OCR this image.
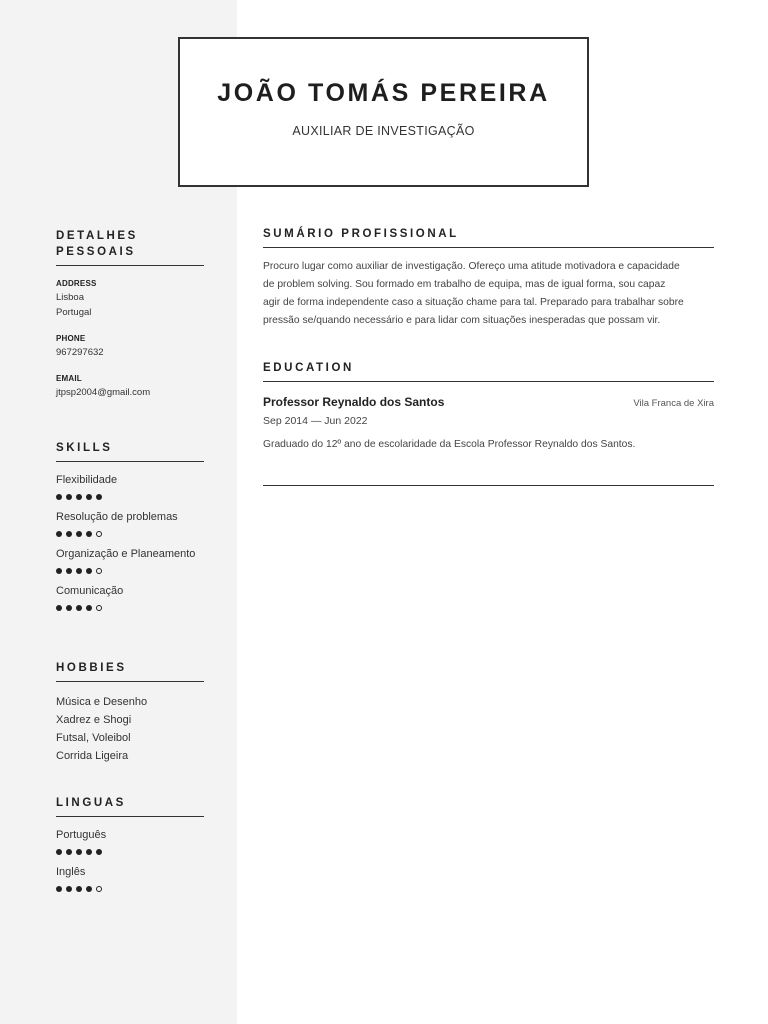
JOÃO TOMÁS PEREIRA
AUXILIAR DE INVESTIGAÇÃO
DETALHES PESSOAIS
ADDRESS
Lisboa
Portugal
PHONE
967297632
EMAIL
jtpsp2004@gmail.com
SKILLS
Flexibilidade
Resolução de problemas
Organização e Planeamento
Comunicação
HOBBIES
Música e Desenho
Xadrez e Shogi
Futsal, Voleibol
Corrida Ligeira
LINGUAS
Português
Inglês
SUMÁRIO PROFISSIONAL
Procuro lugar como auxiliar de investigação. Ofereço uma atitude motivadora e capacidade
de problem solving. Sou formado em trabalho de equipa, mas de igual forma, sou capaz
agir de forma independente caso a situação chame para tal. Preparado para trabalhar sobre
pressão se/quando necessário e para lidar com situações inesperadas que possam vir.
EDUCATION
Professor Reynaldo dos Santos	Vila Franca de Xira
Sep 2014 — Jun 2022
Graduado do 12º ano de escolaridade da Escola Professor Reynaldo dos Santos.
